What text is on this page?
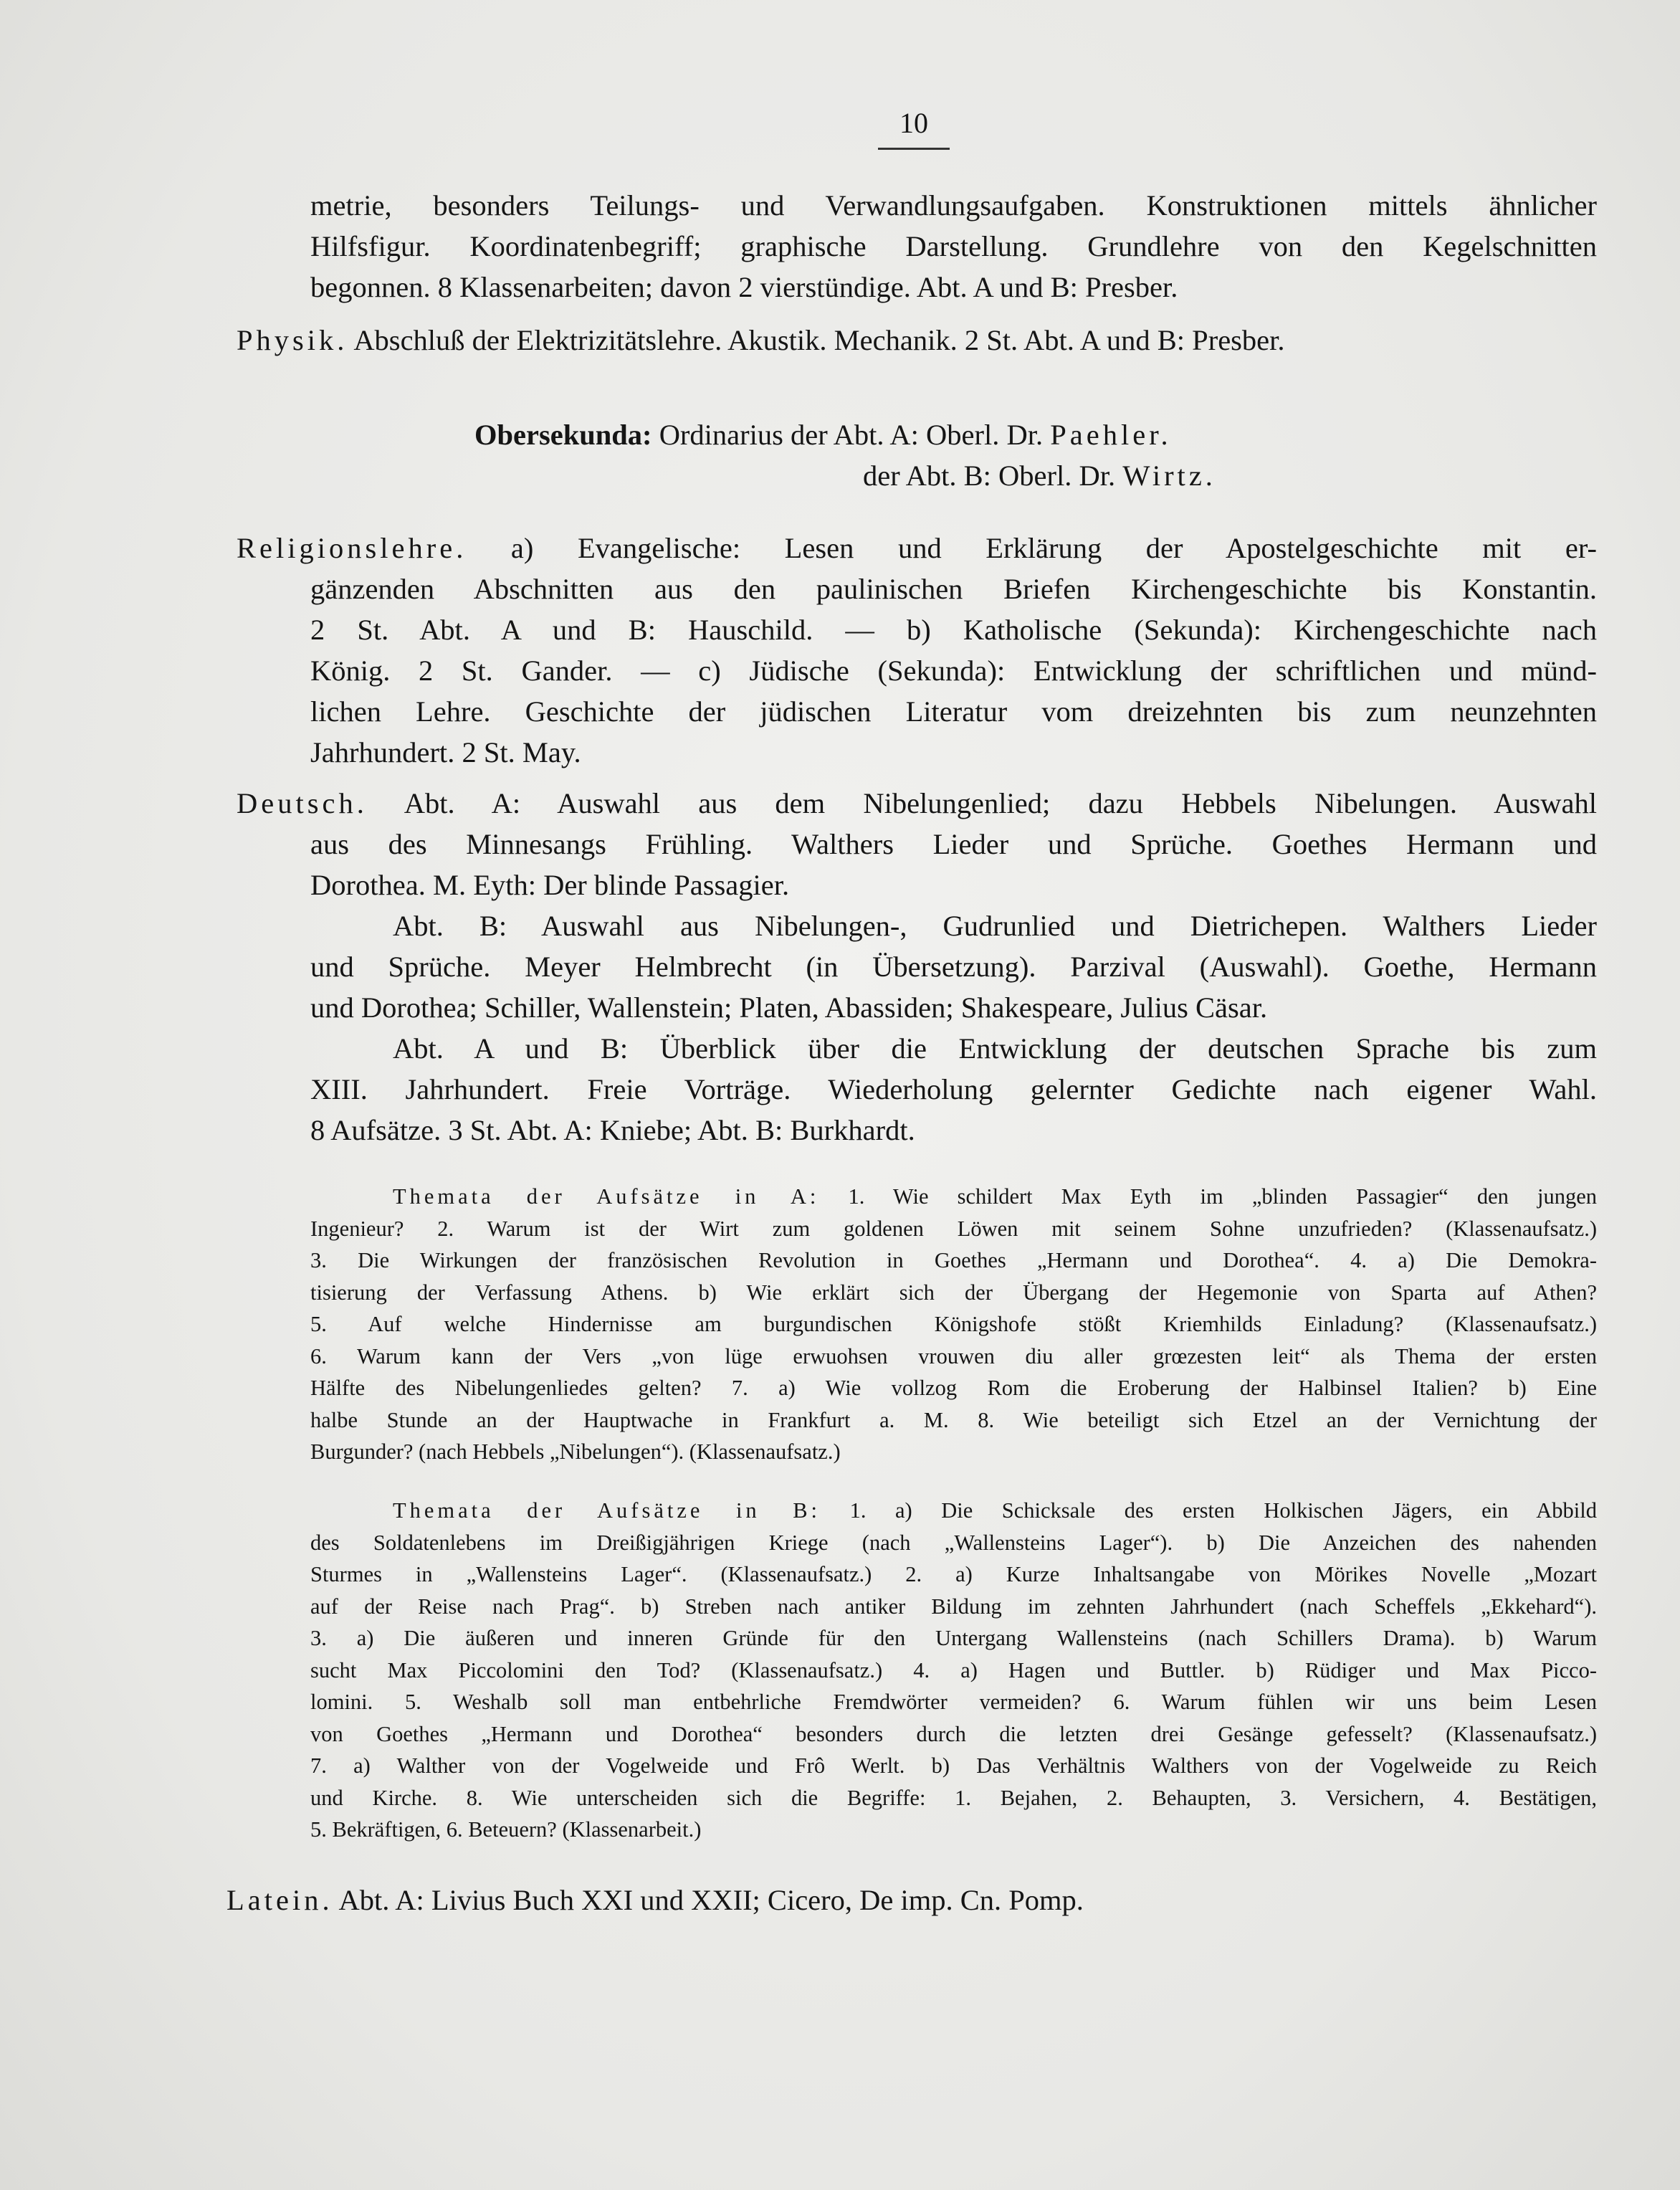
10
metrie, besonders Teilungs- und Verwandlungsaufgaben. Konstruktionen mittels ähnlicher
Hilfsfigur. Koordinatenbegriff; graphische Darstellung. Grundlehre von den Kegelschnitten
begonnen. 8 Klassenarbeiten; davon 2 vierstündige. Abt. A und B: Presber.
Physik. Abschluß der Elektrizitätslehre. Akustik. Mechanik. 2 St. Abt. A und B: Presber.
Obersekunda: Ordinarius der Abt. A: Oberl. Dr. Paehler.
der Abt. B: Oberl. Dr. Wirtz.
Religionslehre. a) Evangelische: Lesen und Erklärung der Apostelgeschichte mit er-
gänzenden Abschnitten aus den paulinischen Briefen Kirchengeschichte bis Konstantin.
2 St. Abt. A und B: Hauschild. — b) Katholische (Sekunda): Kirchengeschichte nach
König. 2 St. Gander. — c) Jüdische (Sekunda): Entwicklung der schriftlichen und münd-
lichen Lehre. Geschichte der jüdischen Literatur vom dreizehnten bis zum neunzehnten
Jahrhundert. 2 St. May.
Deutsch. Abt. A: Auswahl aus dem Nibelungenlied; dazu Hebbels Nibelungen. Auswahl
aus des Minnesangs Frühling. Walthers Lieder und Sprüche. Goethes Hermann und
Dorothea. M. Eyth: Der blinde Passagier.
Abt. B: Auswahl aus Nibelungen-, Gudrunlied und Dietrichepen. Walthers Lieder
und Sprüche. Meyer Helmbrecht (in Übersetzung). Parzival (Auswahl). Goethe, Hermann
und Dorothea; Schiller, Wallenstein; Platen, Abassiden; Shakespeare, Julius Cäsar.
Abt. A und B: Überblick über die Entwicklung der deutschen Sprache bis zum
XIII. Jahrhundert. Freie Vorträge. Wiederholung gelernter Gedichte nach eigener Wahl.
8 Aufsätze. 3 St. Abt. A: Kniebe; Abt. B: Burkhardt.
Themata der Aufsätze in A: 1. Wie schildert Max Eyth im „blinden Passagier“ den jungen
Ingenieur? 2. Warum ist der Wirt zum goldenen Löwen mit seinem Sohne unzufrieden? (Klassenaufsatz.)
3. Die Wirkungen der französischen Revolution in Goethes „Hermann und Dorothea“. 4. a) Die Demokra-
tisierung der Verfassung Athens. b) Wie erklärt sich der Übergang der Hegemonie von Sparta auf Athen?
5. Auf welche Hindernisse am burgundischen Königshofe stößt Kriemhilds Einladung? (Klassenaufsatz.)
6. Warum kann der Vers „von lüge erwuohsen vrouwen diu aller grœzesten leit“ als Thema der ersten
Hälfte des Nibelungenliedes gelten? 7. a) Wie vollzog Rom die Eroberung der Halbinsel Italien? b) Eine
halbe Stunde an der Hauptwache in Frankfurt a. M. 8. Wie beteiligt sich Etzel an der Vernichtung der
Burgunder? (nach Hebbels „Nibelungen“). (Klassenaufsatz.)
Themata der Aufsätze in B: 1. a) Die Schicksale des ersten Holkischen Jägers, ein Abbild
des Soldatenlebens im Dreißigjährigen Kriege (nach „Wallensteins Lager“). b) Die Anzeichen des nahenden
Sturmes in „Wallensteins Lager“. (Klassenaufsatz.) 2. a) Kurze Inhaltsangabe von Mörikes Novelle „Mozart
auf der Reise nach Prag“. b) Streben nach antiker Bildung im zehnten Jahrhundert (nach Scheffels „Ekkehard“).
3. a) Die äußeren und inneren Gründe für den Untergang Wallensteins (nach Schillers Drama). b) Warum
sucht Max Piccolomini den Tod? (Klassenaufsatz.) 4. a) Hagen und Buttler. b) Rüdiger und Max Picco-
lomini. 5. Weshalb soll man entbehrliche Fremdwörter vermeiden? 6. Warum fühlen wir uns beim Lesen
von Goethes „Hermann und Dorothea“ besonders durch die letzten drei Gesänge gefesselt? (Klassenaufsatz.)
7. a) Walther von der Vogelweide und Frô Werlt. b) Das Verhältnis Walthers von der Vogelweide zu Reich
und Kirche. 8. Wie unterscheiden sich die Begriffe: 1. Bejahen, 2. Behaupten, 3. Versichern, 4. Bestätigen,
5. Bekräftigen, 6. Beteuern? (Klassenarbeit.)
Latein. Abt. A: Livius Buch XXI und XXII; Cicero, De imp. Cn. Pomp.
